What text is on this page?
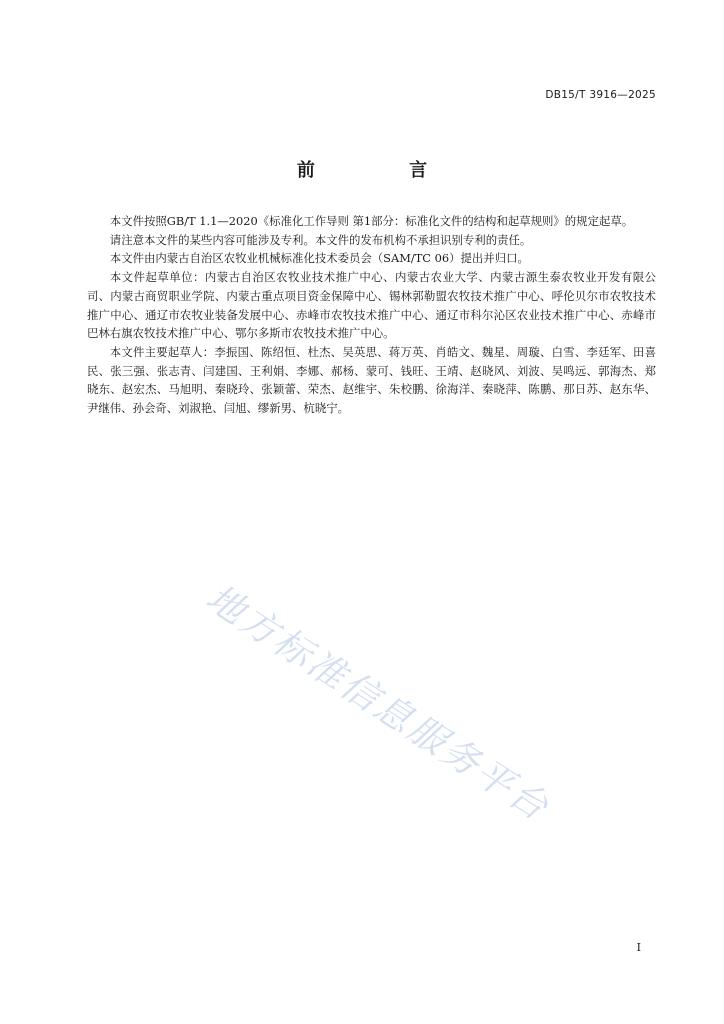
DB15/T 3916—2025
前 言

本文件按照GB/T 1.1—2020《标准化工作导则 第1部分：标准化文件的结构和起草规则》的规定起草。

请注意本文件的某些内容可能涉及专利。本文件的发布机构不承担识别专利的责任。

本文件由内蒙古自治区农牧业机械标准化技术委员会（SAM/TC 06）提出并归口。

本文件起草单位：内蒙古自治区农牧业技术推广中心、内蒙古农业大学、内蒙古源生泰农牧业开发有限公司、内蒙古商贸职业学院、内蒙古重点项目资金保障中心、锡林郭勒盟农牧技术推广中心、呼伦贝尔市农牧技术推广中心、通辽市农牧业装备发展中心、赤峰市农牧技术推广中心、通辽市科尔沁区农业技术推广中心、赤峰市巴林右旗农牧技术推广中心、鄂尔多斯市农牧技术推广中心。

本文件主要起草人：李振国、陈绍恒、杜杰、吴英思、蒋万英、肖皓文、魏星、周璇、白雪、李廷军、田喜民、张三强、张志青、闫建国、王利娟、李娜、郝杨、蒙可、钱旺、王靖、赵晓风、刘波、吴鸣远、郭海杰、郑晓东、赵宏杰、马旭明、秦晓玲、张颖蕾、荣杰、赵维宇、朱校鹏、徐海洋、秦晓萍、陈鹏、那日苏、赵东华、尹继伟、孙会奇、刘淑艳、闫旭、缪新男、杭晓宁。

地方标准信息服务平台
I
